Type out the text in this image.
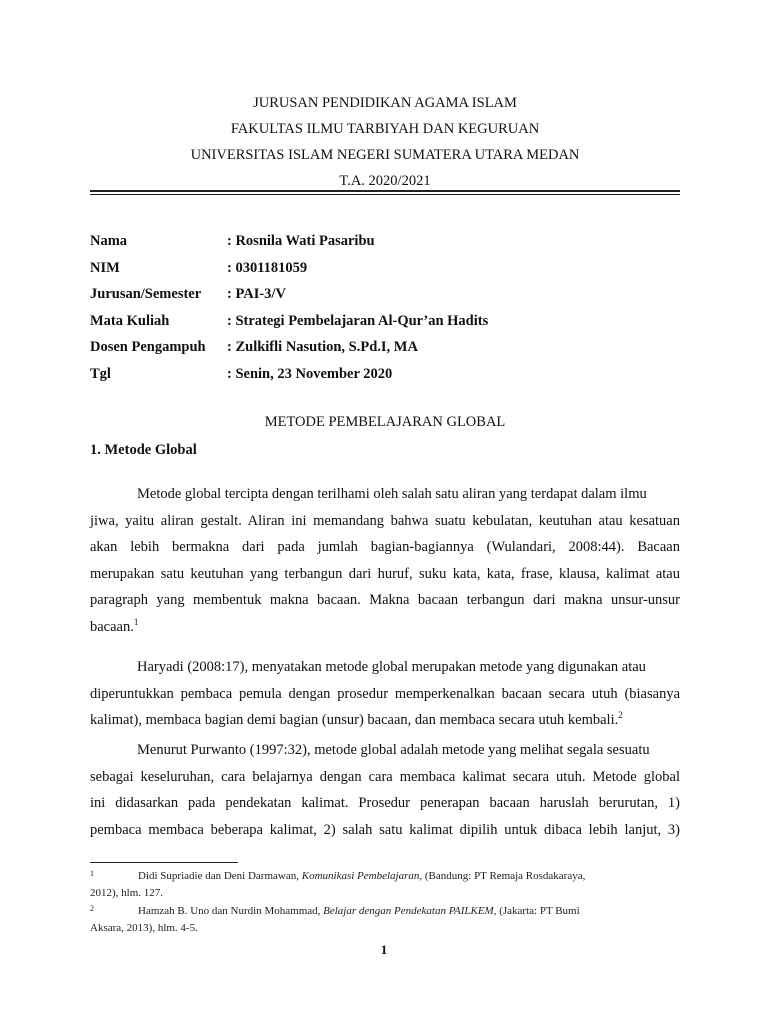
JURUSAN PENDIDIKAN AGAMA ISLAM
FAKULTAS ILMU TARBIYAH DAN KEGURUAN
UNIVERSITAS ISLAM NEGERI SUMATERA UTARA MEDAN
T.A. 2020/2021
Nama	: Rosnila Wati Pasaribu
NIM	: 0301181059
Jurusan/Semester : PAI-3/V
Mata Kuliah	: Strategi Pembelajaran Al-Qur’an Hadits
Dosen Pengampuh : Zulkifli Nasution, S.Pd.I, MA
Tgl	: Senin, 23 November 2020
METODE PEMBELAJARAN GLOBAL
1. Metode Global
Metode global tercipta dengan terilhami oleh salah satu aliran yang terdapat dalam ilmu
jiwa, yaitu aliran gestalt. Aliran ini memandang bahwa suatu kebulatan, keutuhan atau kesatuan
akan lebih bermakna dari pada jumlah bagian-bagiannya (Wulandari, 2008:44). Bacaan
merupakan satu keutuhan yang terbangun dari huruf, suku kata, kata, frase, klausa, kalimat atau
paragraph yang membentuk makna bacaan. Makna bacaan terbangun dari makna unsur-unsur
bacaan.$^1$
Haryadi (2008:17), menyatakan metode global merupakan metode yang digunakan atau
diperuntukkan pembaca pemula dengan prosedur memperkenalkan bacaan secara utuh (biasanya
kalimat), membaca bagian demi bagian (unsur) bacaan, dan membaca secara utuh kembali.$^2$
Menurut Purwanto (1997:32), metode global adalah metode yang melihat segala sesuatu
sebagai keseluruhan, cara belajarnya dengan cara membaca kalimat secara utuh. Metode global
ini didasarkan pada pendekatan kalimat. Prosedur penerapan bacaan haruslah berurutan, 1)
pembaca membaca beberapa kalimat, 2) salah satu kalimat dipilih untuk dibaca lebih lanjut, 3)
1	Didi Supriadie dan Deni Darmawan, Komunikasi Pembelajaran, (Bandung: PT Remaja Rosdakaraya,
2012), hlm. 127.
2	Hamzah B. Uno dan Nurdin Mohammad, Belajar dengan Pendekatan PAILKEM, (Jakarta: PT Bumi
Aksara, 2013), hlm. 4-5.
1
